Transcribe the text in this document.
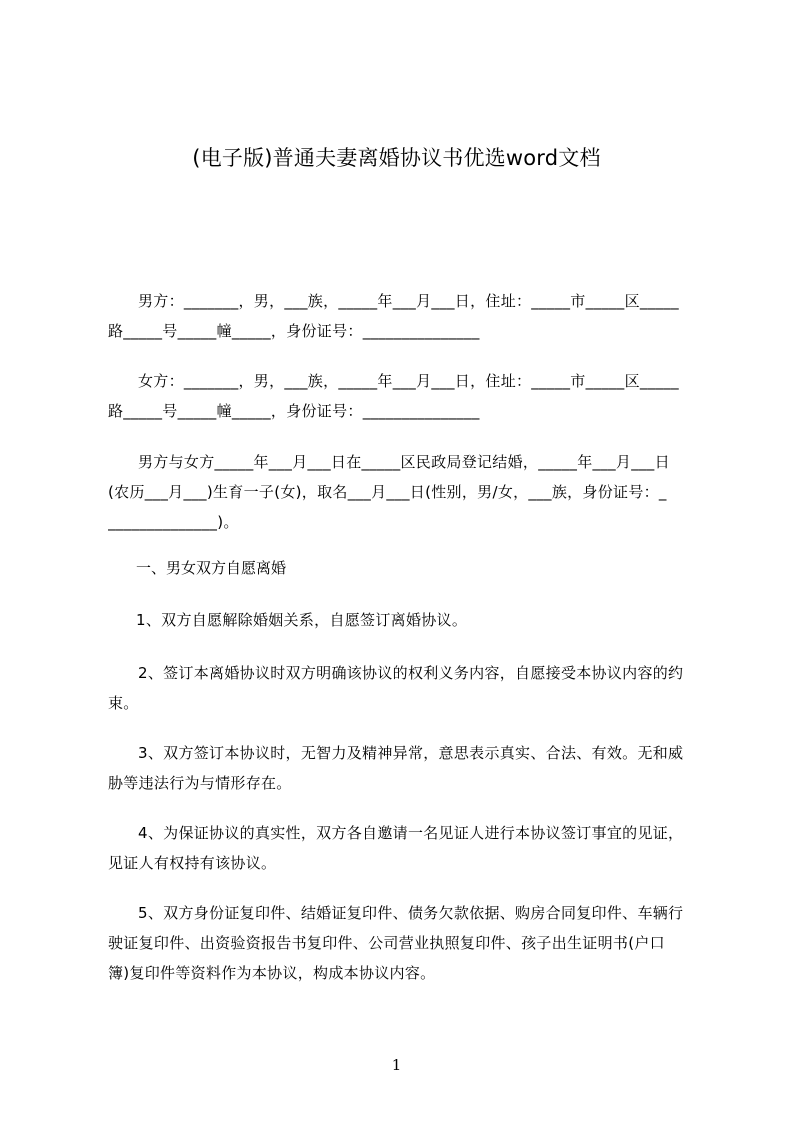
(电子版)普通夫妻离婚协议书优选word文档
男方：_______，男，___族，_____年___月___日，住址：_____市_____区_____
路_____号_____幢_____，身份证号：_______________
女方：_______，男，___族，_____年___月___日，住址：_____市_____区_____
路_____号_____幢_____，身份证号：_______________
男方与女方_____年___月___日在_____区民政局登记结婚，_____年___月___日
(农历___月___)生育一子(女)，取名___月___日(性别，男/女，___族，身份证号：_
______________)。
一、男女双方自愿离婚
1、双方自愿解除婚姻关系，自愿签订离婚协议。
2、签订本离婚协议时双方明确该协议的权利义务内容，自愿接受本协议内容的约
束。
3、双方签订本协议时，无智力及精神异常，意思表示真实、合法、有效。无和威
胁等违法行为与情形存在。
4、为保证协议的真实性，双方各自邀请一名见证人进行本协议签订事宜的见证，
见证人有权持有该协议。
5、双方身份证复印件、结婚证复印件、债务欠款依据、购房合同复印件、车辆行
驶证复印件、出资验资报告书复印件、公司营业执照复印件、孩子出生证明书(户口
簿)复印件等资料作为本协议，构成本协议内容。
1
